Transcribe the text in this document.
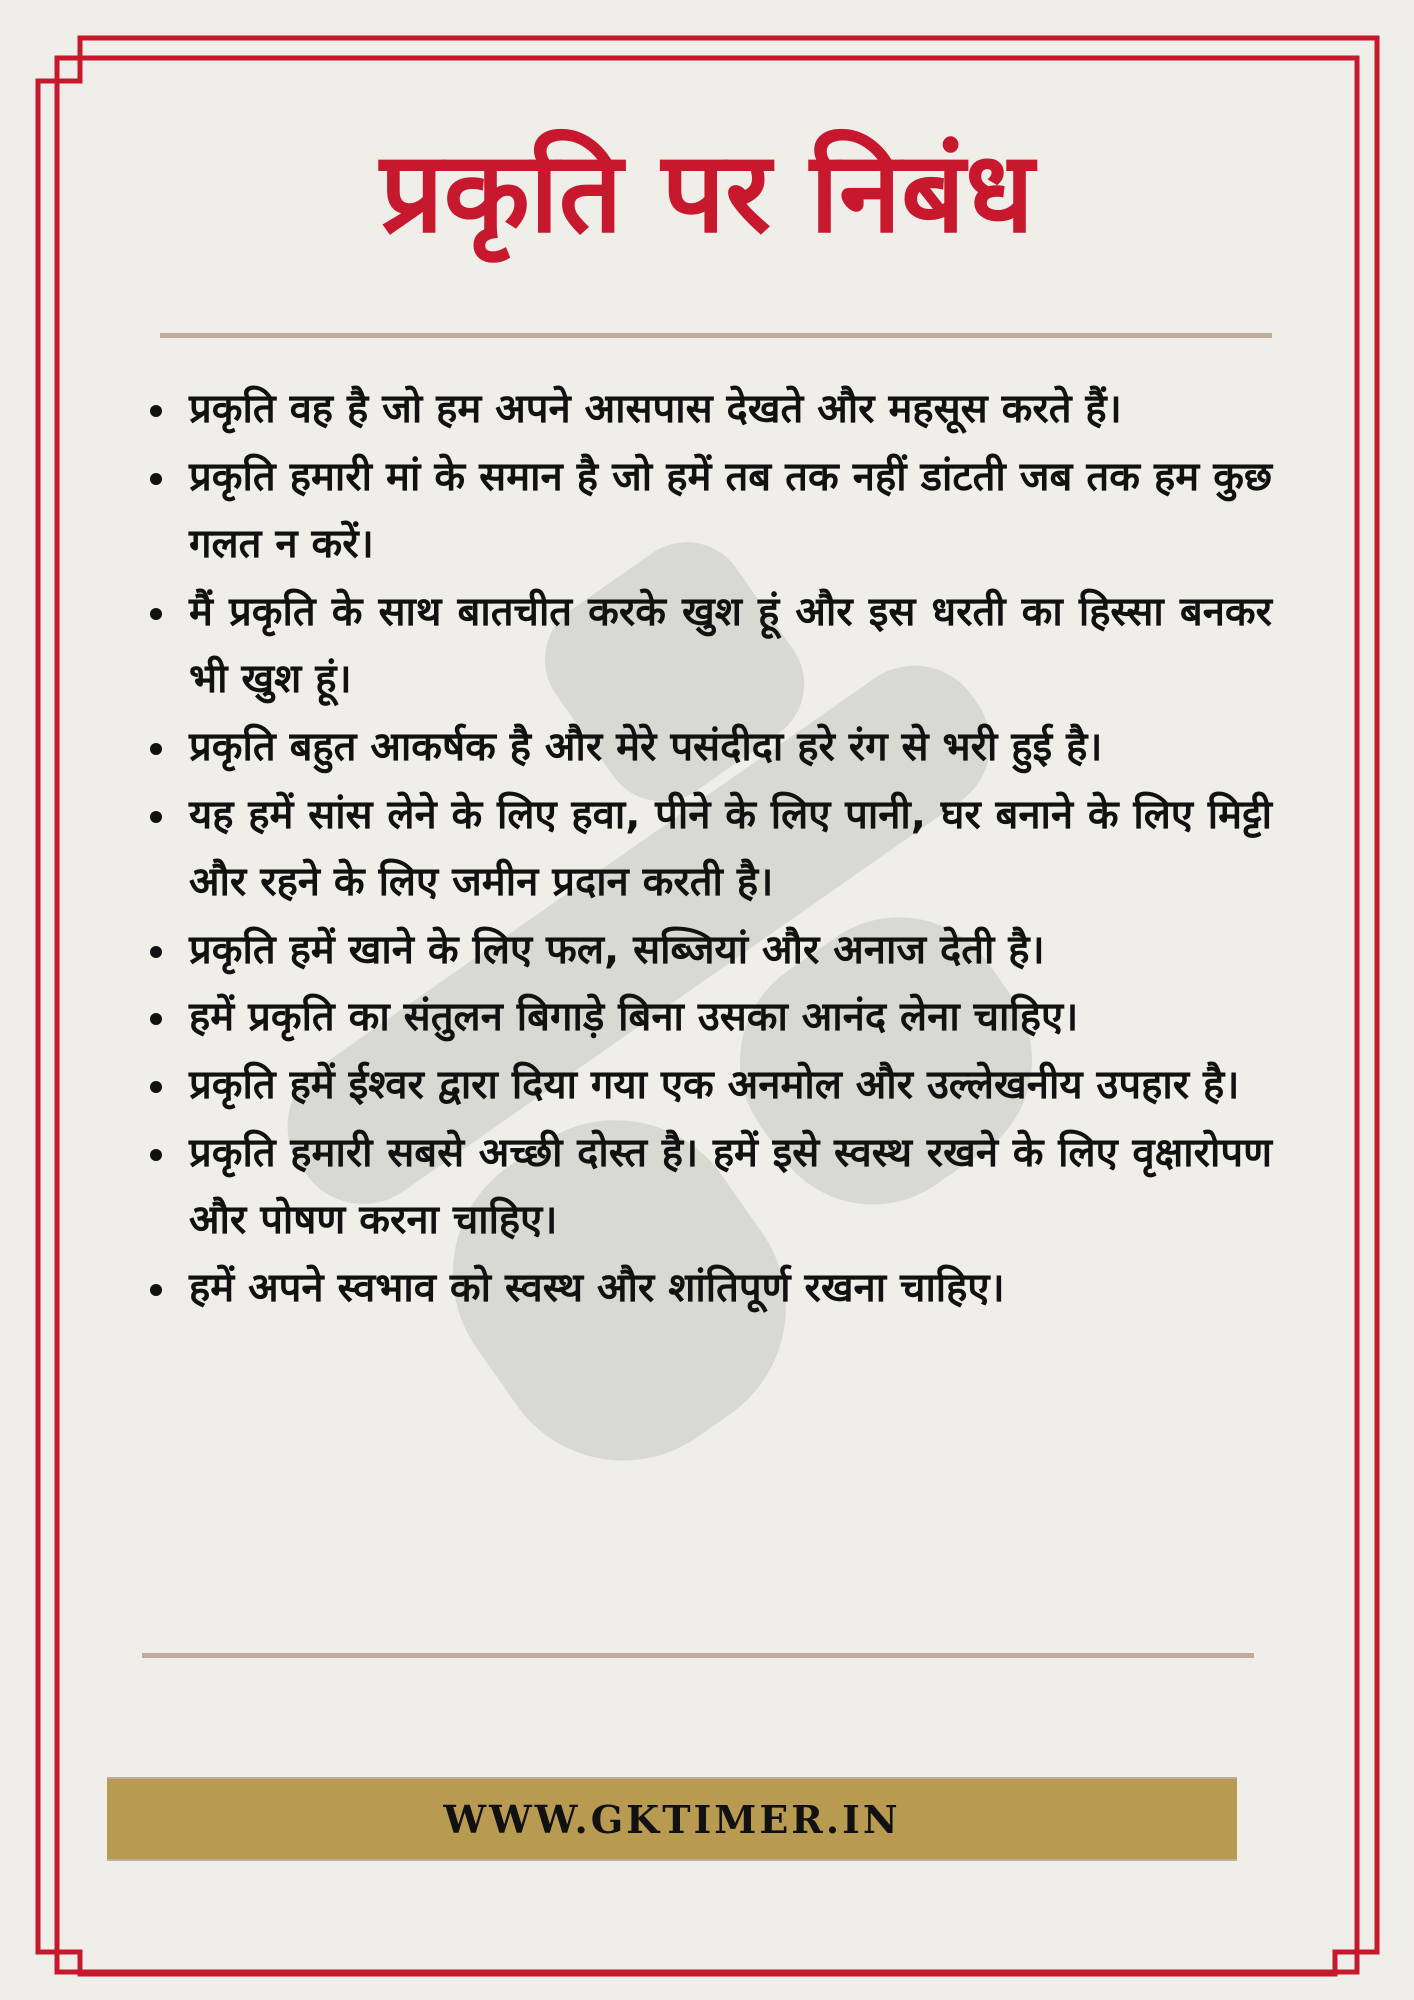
प्रकृति पर निबंध
प्रकृति वह है जो हम अपने आसपास देखते और महसूस करते हैं।
प्रकृति हमारी मां के समान है जो हमें तब तक नहीं डांटती जब तक हम कुछ गलत न करें।
मैं प्रकृति के साथ बातचीत करके खुश हूं और इस धरती का हिस्सा बनकर भी खुश हूं।
प्रकृति बहुत आकर्षक है और मेरे पसंदीदा हरे रंग से भरी हुई है।
यह हमें सांस लेने के लिए हवा, पीने के लिए पानी, घर बनाने के लिए मिट्टी और रहने के लिए जमीन प्रदान करती है।
प्रकृति हमें खाने के लिए फल, सब्जियां और अनाज देती है।
हमें प्रकृति का संतुलन बिगाड़े बिना उसका आनंद लेना चाहिए।
प्रकृति हमें ईश्वर द्वारा दिया गया एक अनमोल और उल्लेखनीय उपहार है।
प्रकृति हमारी सबसे अच्छी दोस्त है। हमें इसे स्वस्थ रखने के लिए वृक्षारोपण और पोषण करना चाहिए।
हमें अपने स्वभाव को स्वस्थ और शांतिपूर्ण रखना चाहिए।
WWW.GKTIMER.IN
